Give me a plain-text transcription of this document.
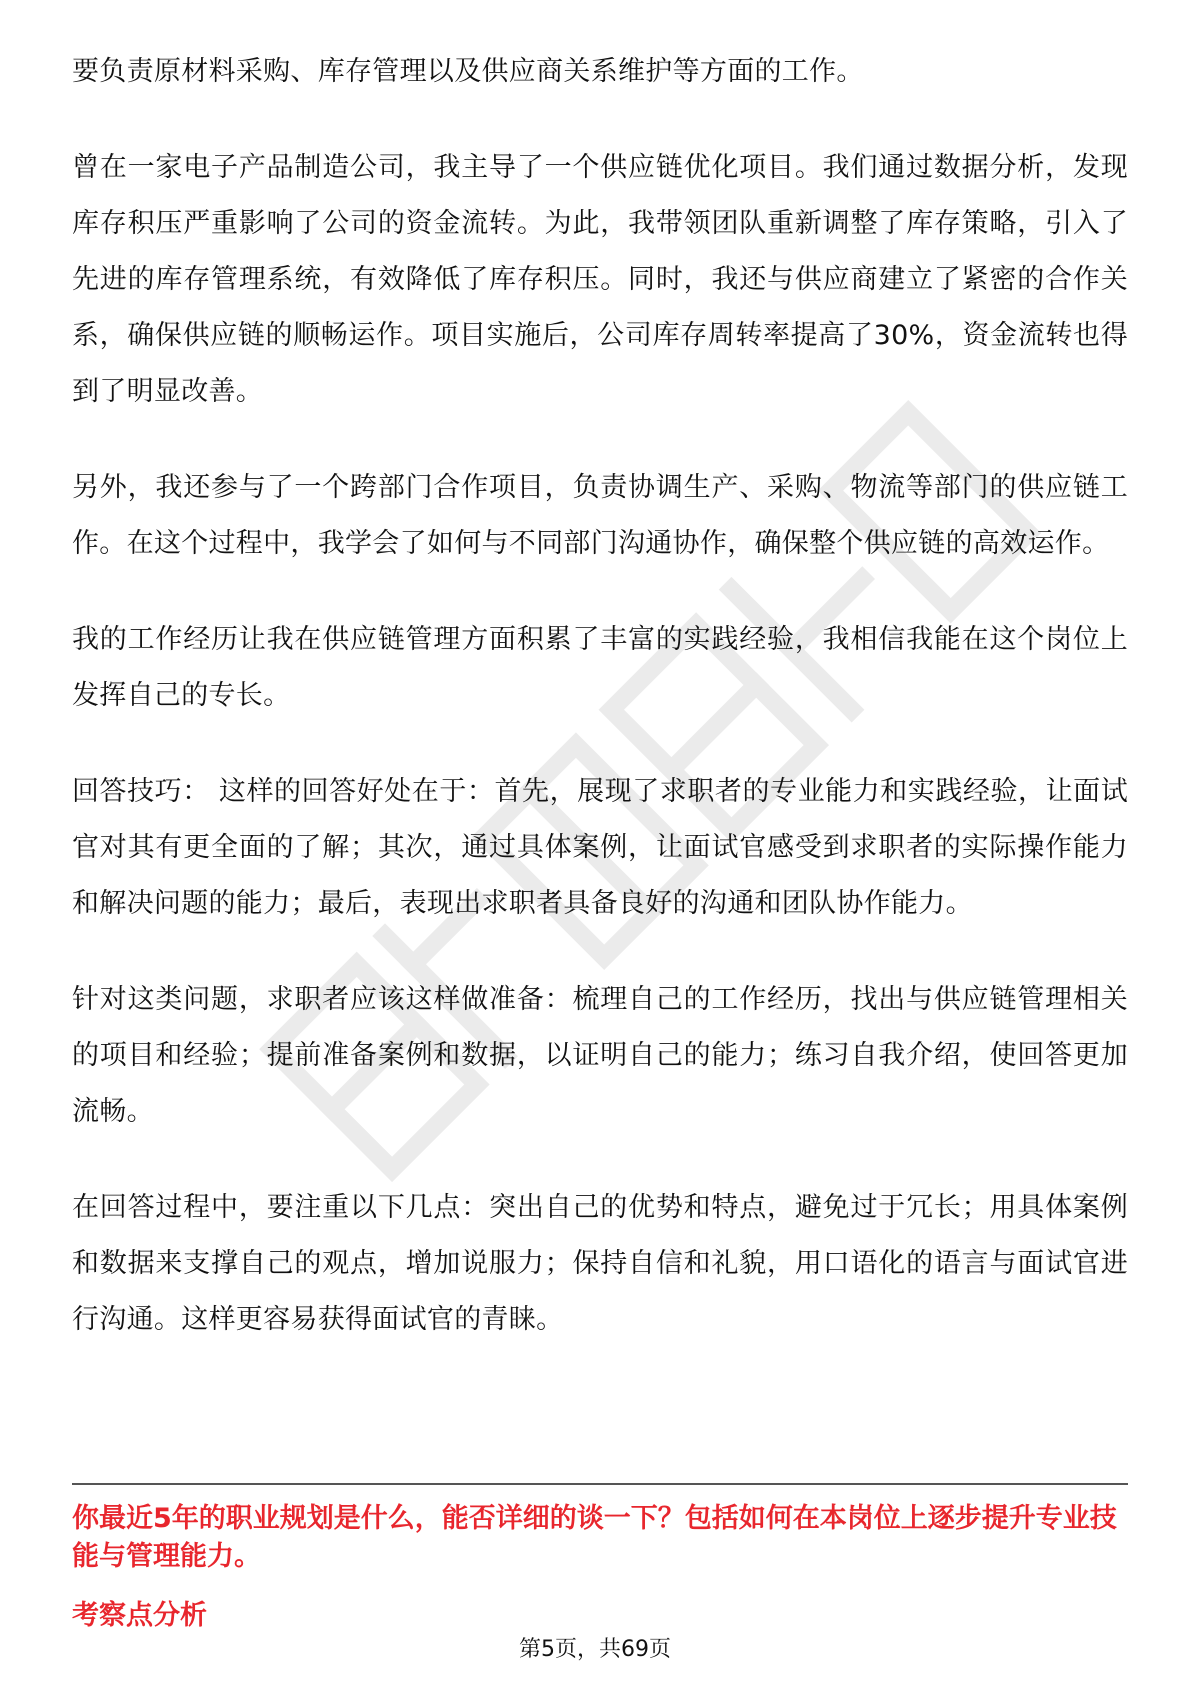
要负责原材料采购、库存管理以及供应商关系维护等方面的工作。

曾在一家电子产品制造公司，我主导了一个供应链优化项目。我们通过数据分析，发现库存积压严重影响了公司的资金流转。为此，我带领团队重新调整了库存策略，引入了先进的库存管理系统，有效降低了库存积压。同时，我还与供应商建立了紧密的合作关系，确保供应链的顺畅运作。项目实施后，公司库存周转率提高了30%，资金流转也得到了明显改善。

另外，我还参与了一个跨部门合作项目，负责协调生产、采购、物流等部门的供应链工作。在这个过程中，我学会了如何与不同部门沟通协作，确保整个供应链的高效运作。

我的工作经历让我在供应链管理方面积累了丰富的实践经验，我相信我能在这个岗位上发挥自己的专长。

回答技巧： 这样的回答好处在于：首先，展现了求职者的专业能力和实践经验，让面试官对其有更全面的了解；其次，通过具体案例，让面试官感受到求职者的实际操作能力和解决问题的能力；最后，表现出求职者具备良好的沟通和团队协作能力。

针对这类问题，求职者应该这样做准备：梳理自己的工作经历，找出与供应链管理相关的项目和经验；提前准备案例和数据，以证明自己的能力；练习自我介绍，使回答更加流畅。

在回答过程中，要注重以下几点：突出自己的优势和特点，避免过于冗长；用具体案例和数据来支撑自己的观点，增加说服力；保持自信和礼貌，用口语化的语言与面试官进行沟通。这样更容易获得面试官的青睐。

你最近5年的职业规划是什么，能否详细的谈一下？包括如何在本岗位上逐步提升专业技能与管理能力。

考察点分析

第5页，共69页
